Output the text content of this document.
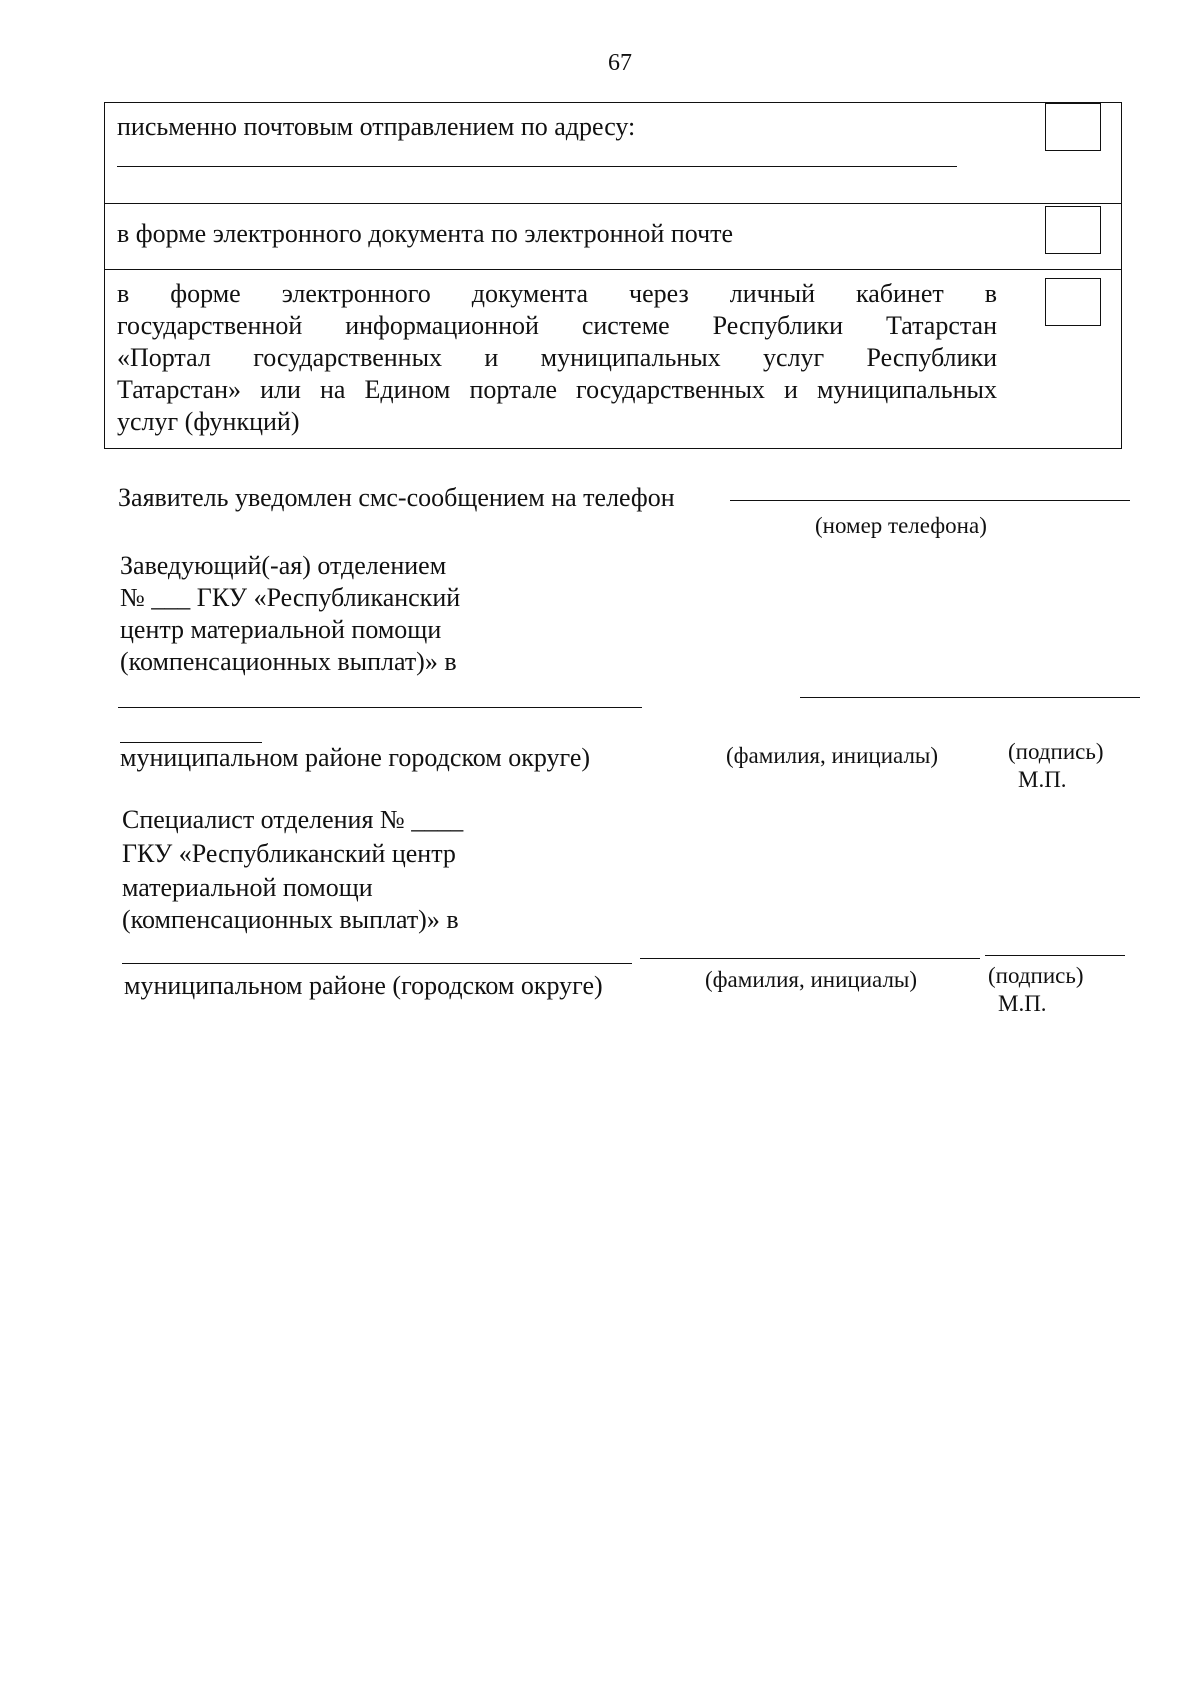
67
письменно почтовым отправлением по адресу:
в форме электронного документа по электронной почте
в форме электронного документа через личный кабинет в
государственной информационной системе Республики Татарстан
«Портал государственных и муниципальных услуг Республики
Татарстан» или на Едином портале государственных и муниципальных
услуг (функций)
Заявитель уведомлен смс-сообщением на телефон
(номер телефона)
Заведующий(-ая) отделением
№ ___ ГКУ «Республиканский
центр материальной помощи
(компенсационных выплат)» в
муниципальном районе городском округе)	(фамилия, инициалы)	(подпись)
М.П.
Специалист отделения № ____
ГКУ «Республиканский центр
материальной помощи
(компенсационных выплат)» в
муниципальном районе (городском округе)	(фамилия, инициалы)	(подпись)
М.П.
